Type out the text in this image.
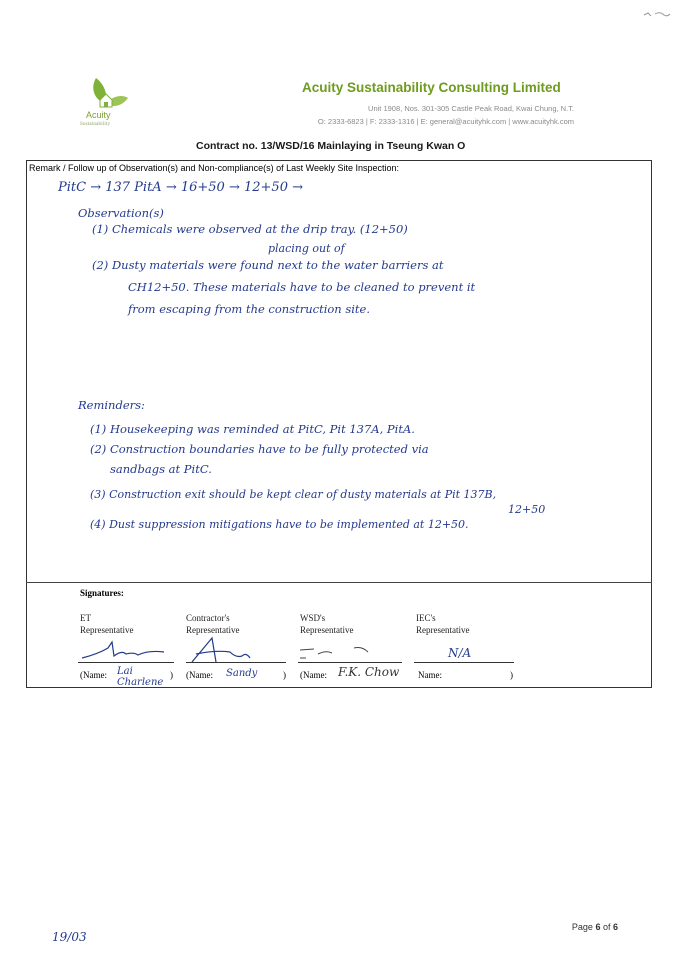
Acuity
Sustainability
Acuity Sustainability Consulting Limited
Unit 1908, Nos. 301-305 Castle Peak Road, Kwai Chung, N.T.
O: 2333-6823 | F: 2333-1316 | E: general@acuityhk.com | www.acuityhk.com
Contract no. 13/WSD/16 Mainlaying in Tseung Kwan O
Remark / Follow up of Observation(s) and Non-compliance(s) of Last Weekly Site Inspection:
PitC → 137 PitA → 16+50 → 12+50 →
Observation(s)
(1) Chemicals were observed at the drip tray. (12+50)
placing out of
(2) Dusty materials were found next to the water barriers at
CH12+50. These materials have to be cleaned to prevent it
from escaping from the construction site.
Reminders:
(1) Housekeeping was reminded at PitC, Pit 137A, PitA.
(2) Construction boundaries have to be fully protected via
sandbags at PitC.
(3) Construction exit should be kept clear of dusty materials at Pit 137B,
12+50
(4) Dust suppression mitigations have to be implemented at 12+50.
Signatures:
ET
Representative
(Name: Lai Charlene
)
Contractor's
Representative
(Name: Sandy	)
WSD's
Representative
(Name: F.K. Chow
IEC's
Representative
N/A
Name:	)
19/03
Page 6 of 6
